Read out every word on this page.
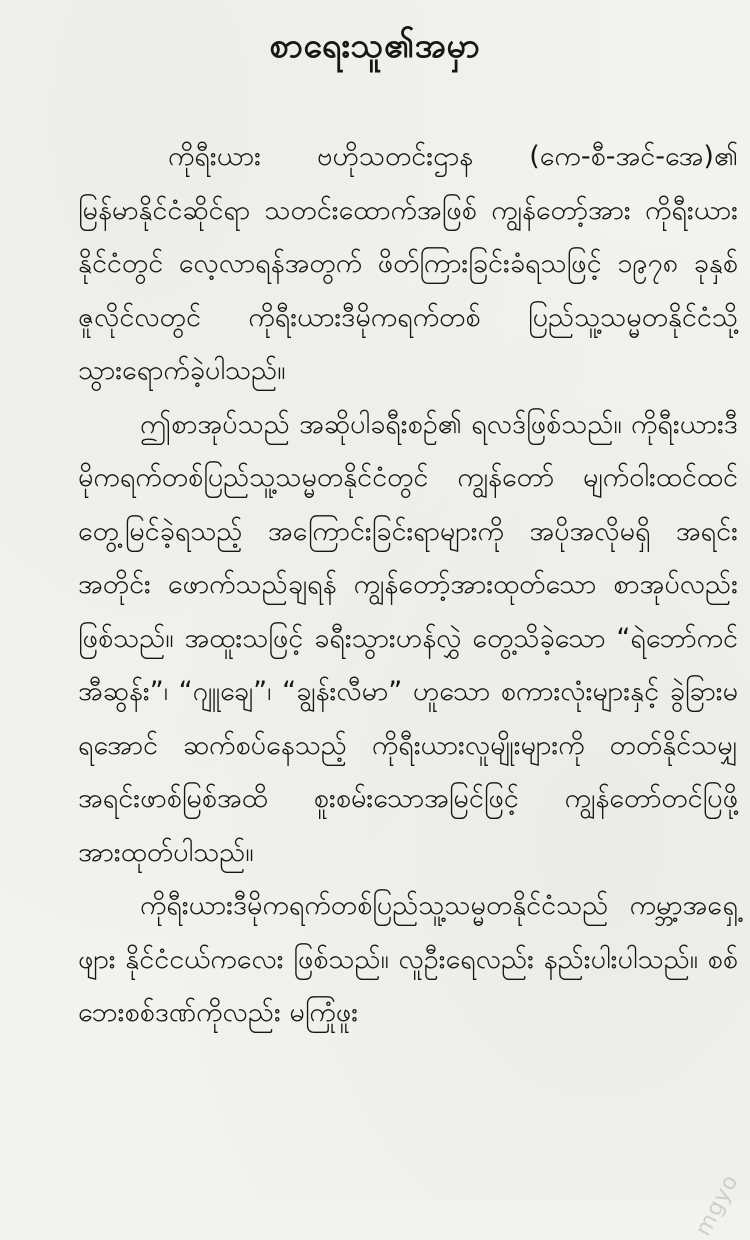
စာရေးသူ၏အမှာ

ကိုရီးယား ဗဟိုသတင်းဌာန (ကေ-စီ-အင်-အေ)၏ မြန်မာနိုင်ငံဆိုင်ရာ သတင်းထောက်အဖြစ် ကျွန်တော့်အား ကိုရီးယားနိုင်ငံတွင် လေ့လာရန်အတွက် ဖိတ်ကြားခြင်းခံရသဖြင့် ၁၉၇၈ ခုနှစ် ဇူလိုင်လတွင် ကိုရီးယားဒီမိုကရက်တစ် ပြည်သူ့သမ္မတနိုင်ငံသို့ သွားရောက်ခဲ့ပါသည်။

ဤစာအုပ်သည် အဆိုပါခရီးစဉ်၏ ရလဒ်ဖြစ်သည်။ ကိုရီးယားဒီမိုကရက်တစ်ပြည်သူ့သမ္မတနိုင်ငံတွင် ကျွန်တော် မျက်ဝါးထင်ထင် တွေ့မြင်ခဲ့ရသည့် အကြောင်းခြင်းရာများကို အပိုအလိုမရှိ အရင်းအတိုင်း ဖောက်သည်ချရန် ကျွန်တော့်အားထုတ်သော စာအုပ်လည်းဖြစ်သည်။ အထူးသဖြင့် ခရီးသွားဟန်လွှဲ တွေ့သိခဲ့သော “ရဲဘော်ကင်အီဆွန်း”၊ “ဂျူချေ”၊ “ချွန်းလီမာ” ဟူသော စကားလုံးများနှင့် ခွဲခြားမရအောင် ဆက်စပ်နေသည့် ကိုရီးယားလူမျိုးများကို တတ်နိုင်သမျှ အရင်းဖာစ်မြစ်အထိ စူးစမ်းသောအမြင်ဖြင့် ကျွန်တော်တင်ပြဖို့အားထုတ်ပါသည်။

ကိုရီးယားဒီမိုကရက်တစ်ပြည်သူ့သမ္မတနိုင်ငံသည် ကမ္ဘာ့အရှေ့ဖျား နိုင်ငံငယ်ကလေး ဖြစ်သည်။ လူဦးရေလည်း နည်းပါးပါသည်။ စစ်ဘေးစစ်ဒဏ်ကိုလည်း မကြုံဖူး

mgyo
